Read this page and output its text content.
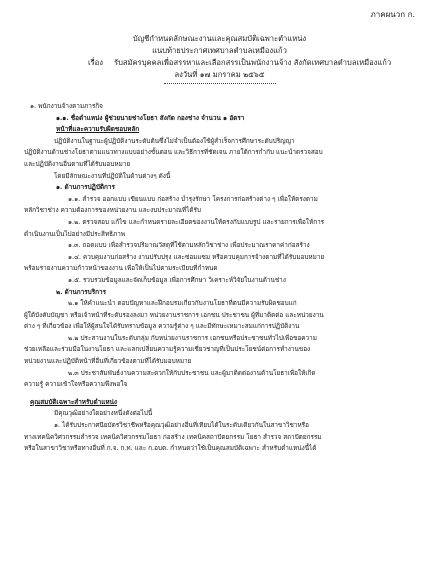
ภาคผนวก ก.
บัญชีกำหนดลักษณะงานและคุณสมบัติเฉพาะตำแหน่ง
แนบท้ายประกาศเทศบาลตำบลเหมืองแก้ว
เรื่อง รับสมัครบุคคลเพื่อสรรหาและเลือกสรรเป็นพนักงานจ้าง สังกัดเทศบาลตำบลเหมืองแก้ว
ลงวันที่ ๑๗ มกราคม ๒๕๖๕

๑. พนักงานจ้างตามภารกิจ

๑.๑. ชื่อตำแหน่ง ผู้ช่วยนายช่างโยธา สังกัด กองช่าง จำนวน ๑ อัตรา

หน้าที่และความรับผิดชอบหลัก

ปฏิบัติงานในฐานะผู้ปฏิบัติงานระดับต้นซึ่งไม่จำเป็นต้องใช้ผู้สำเร็จการศึกษาระดับปริญญา

ปฏิบัติงานด้านช่างโยธาตามแนวทางแบบอย่างขั้นตอน และวิธีการที่ชัดเจน ภายใต้การกำกับ แนะนำตรวจสอบ

และปฏิบัติงานอื่นตามที่ได้รับมอบหมาย

โดยมีลักษณะงานที่ปฏิบัติในด้านต่างๆ ดังนี้

๑. ด้านการปฏิบัติการ

๑.๑. สำรวจ ออกแบบ เขียนแบบ ก่อสร้าง บำรุงรักษา โครงการก่อสร้างต่าง ๆ เพื่อให้ตรงตาม

หลักวิชาช่าง ความต้องการของหน่วยงาน และงบประมาณที่ได้รับ

๑.๒. ตรวจสอบ แก้ไข และกำหนดรายละเอียดของงานให้ตรงกับแบบรูป และรายการเพื่อให้การ

ดำเนินงานเป็นไปอย่างมีประสิทธิภาพ

๑.๓. ถอดแบบ เพื่อสำรวจปริมาณวัสดุที่ใช้ตามหลักวิชาช่าง เพื่อประมาณราคาค่าก่อสร้าง

๑.๔. ควบคุมงานก่อสร้าง งานปรับปรุง และซ่อมแซม หรือควบคุมการจ้างตามที่ได้รับมอบหมาย

พร้อมรายงานความก้าวหน้าของงาน เพื่อให้เป็นไปตามระเบียบที่กำหนด

๑.๕. รวบรวมข้อมูลและจัดเก็บข้อมูล เพื่อการศึกษา วิเคราะห์วิจัยในงานด้านช่าง

๒. ด้านการบริการ

๒.๑ ให้คำแนะนำ ตอบปัญหาและฝึกอบรมเกี่ยวกับงานโยธาที่ตนมีความรับผิดชอบแก่

ผู้ใต้บังคับบัญชา หรือเจ้าหน้าที่ระดับรองลงมา หน่วยงานราชการ เอกชน ประชาชน ผู้ที่มาติดต่อ และหน่วยงาน

ต่าง ๆ ที่เกี่ยวข้อง เพื่อให้ผู้สนใจได้รับทราบข้อมูล ความรู้ต่าง ๆ และมีทักษะเหมาะสมแก่การปฏิบัติงาน

๒.๒ ประสานงานในระดับกลุ่ม กับหน่วยงานราชการ เอกชนหรือประชาชนทั่วไปเพื่อขอความ

ช่วยเหลือและร่วมมือในงานโยธา และแลกเปลี่ยนความรู้ความเชี่ยวชาญที่เป็นประโยชน์ต่อการทำงานของ

หน่วยงานและปฏิบัติหน้าที่อื่นที่เกี่ยวข้องตามที่ได้รับมอบหมาย

๒.๓ ประชาสัมพันธ์งานความสะดวกให้กับประชาชน และผู้มาติดต่องานด้านโยธาเพื่อให้เกิด

ความรู้ ความเข้าใจหรือความพึงพอใจ

คุณสมบัติเฉพาะสำหรับตำแหน่ง

มีคุณวุฒิอย่างใดอย่างหนึ่งดังต่อไปนี้

๑. ได้รับประกาศนียบัตรวิชาชีพหรือคุณวุฒิอย่างอื่นที่เทียบได้ในระดับเดียวกันในสาขาวิชาหรือ

ทางเทคนิควิศวกรรมสำรวจ เทคนิควิศวกรรมโยธา ก่อสร้าง เทคนิคสถาปัตยกรรม โยธา สำรวจ สถาปัตยกรรม

หรือในสาขาวิชาหรือทางอื่นที่ ก.จ. ก.ท. และ ก.อบต. กำหนดว่าใช้เป็นคุณสมบัติเฉพาะ สำหรับตำแหน่งนี้ได้
